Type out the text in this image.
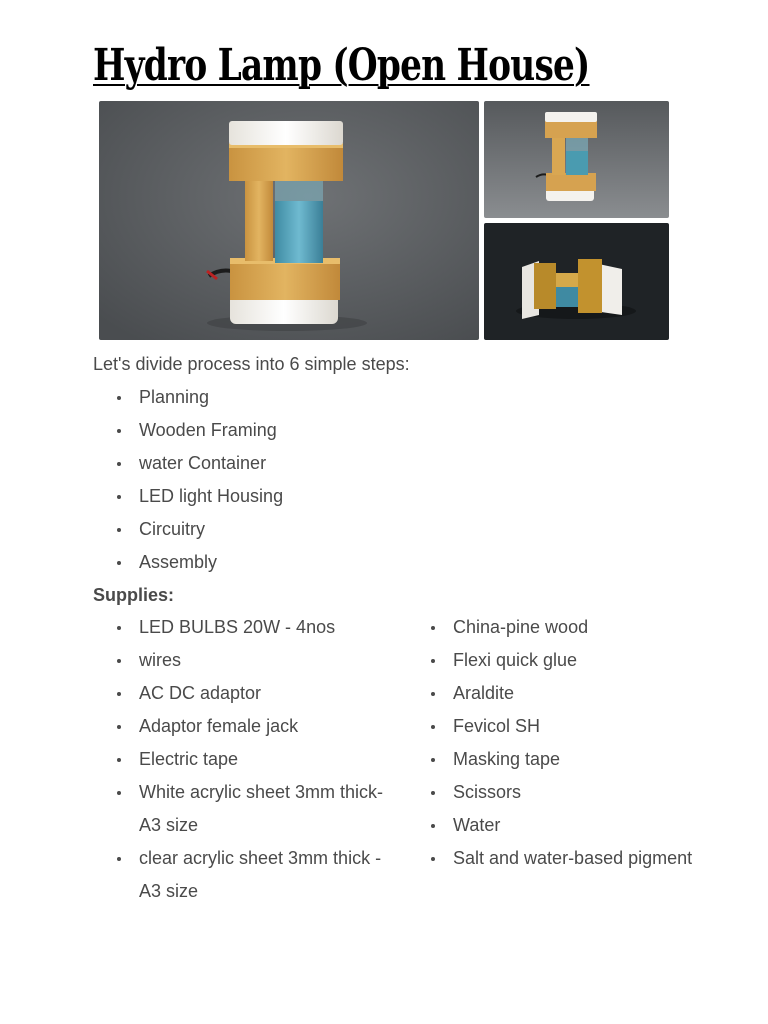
Hydro Lamp (Open House)

Let's divide process into 6 simple steps:

Planning
Wooden Framing
water Container
LED light Housing
Circuitry
Assembly

Supplies:

LED BULBS 20W - 4nos
wires
AC DC adaptor
Adaptor female jack
Electric tape
White acrylic sheet 3mm thick- A3 size
clear acrylic sheet 3mm thick - A3 size
China-pine wood
Flexi quick glue
Araldite
Fevicol SH
Masking tape
Scissors
Water
Salt and water-based pigment
